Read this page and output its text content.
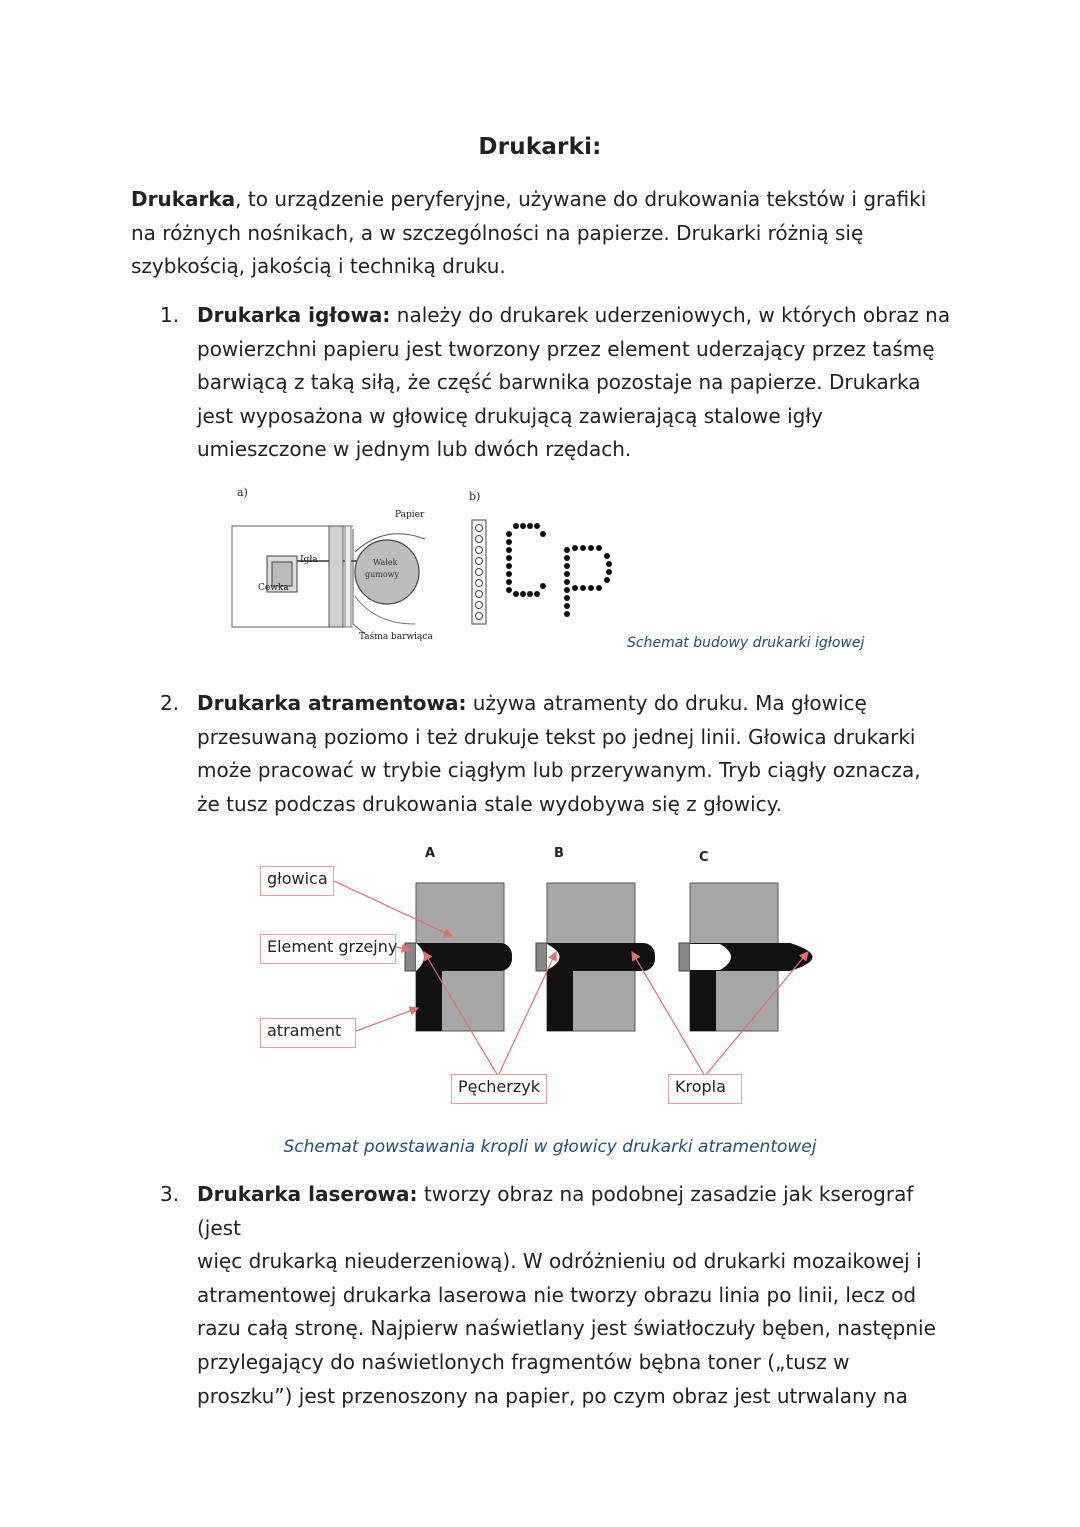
Drukarki:
Drukarka, to urządzenie peryferyjne, używane do drukowania tekstów i grafiki
na różnych nośnikach, a w szczególności na papierze. Drukarki różnią się
szybkością, jakością i techniką druku.
1. Drukarka igłowa: należy do drukarek uderzeniowych, w których obraz na
powierzchni papieru jest tworzony przez element uderzający przez taśmę
barwiącą z taką siłą, że część barwnika pozostaje na papierze. Drukarka
jest wyposażona w głowicę drukującą zawierającą stalowe igły
umieszczone w jednym lub dwóch rzędach.
a)	b)
Papier
Igła
Cewka
Wałek
gumowy
Taśma barwiąca	Schemat budowy drukarki igłowej
2. Drukarka atramentowa: używa atramenty do druku. Ma głowicę
przesuwaną poziomo i też drukuje tekst po jednej linii. Głowica drukarki
może pracować w trybie ciągłym lub przerywanym. Tryb ciągły oznacza,
że tusz podczas drukowania stale wydobywa się z głowicy.
A	B	C
głowica
Element grzejny
atrament
Pęcherzyk	Kropla
Schemat powstawania kropli w głowicy drukarki atramentowej
3. Drukarka laserowa: tworzy obraz na podobnej zasadzie jak kserograf (jest
więc drukarką nieuderzeniową). W odróżnieniu od drukarki mozaikowej i
atramentowej drukarka laserowa nie tworzy obrazu linia po linii, lecz od
razu całą stronę. Najpierw naświetlany jest światłoczuły bęben, następnie
przylegający do naświetlonych fragmentów bębna toner („tusz w
proszku”) jest przenoszony na papier, po czym obraz jest utrwalany na
